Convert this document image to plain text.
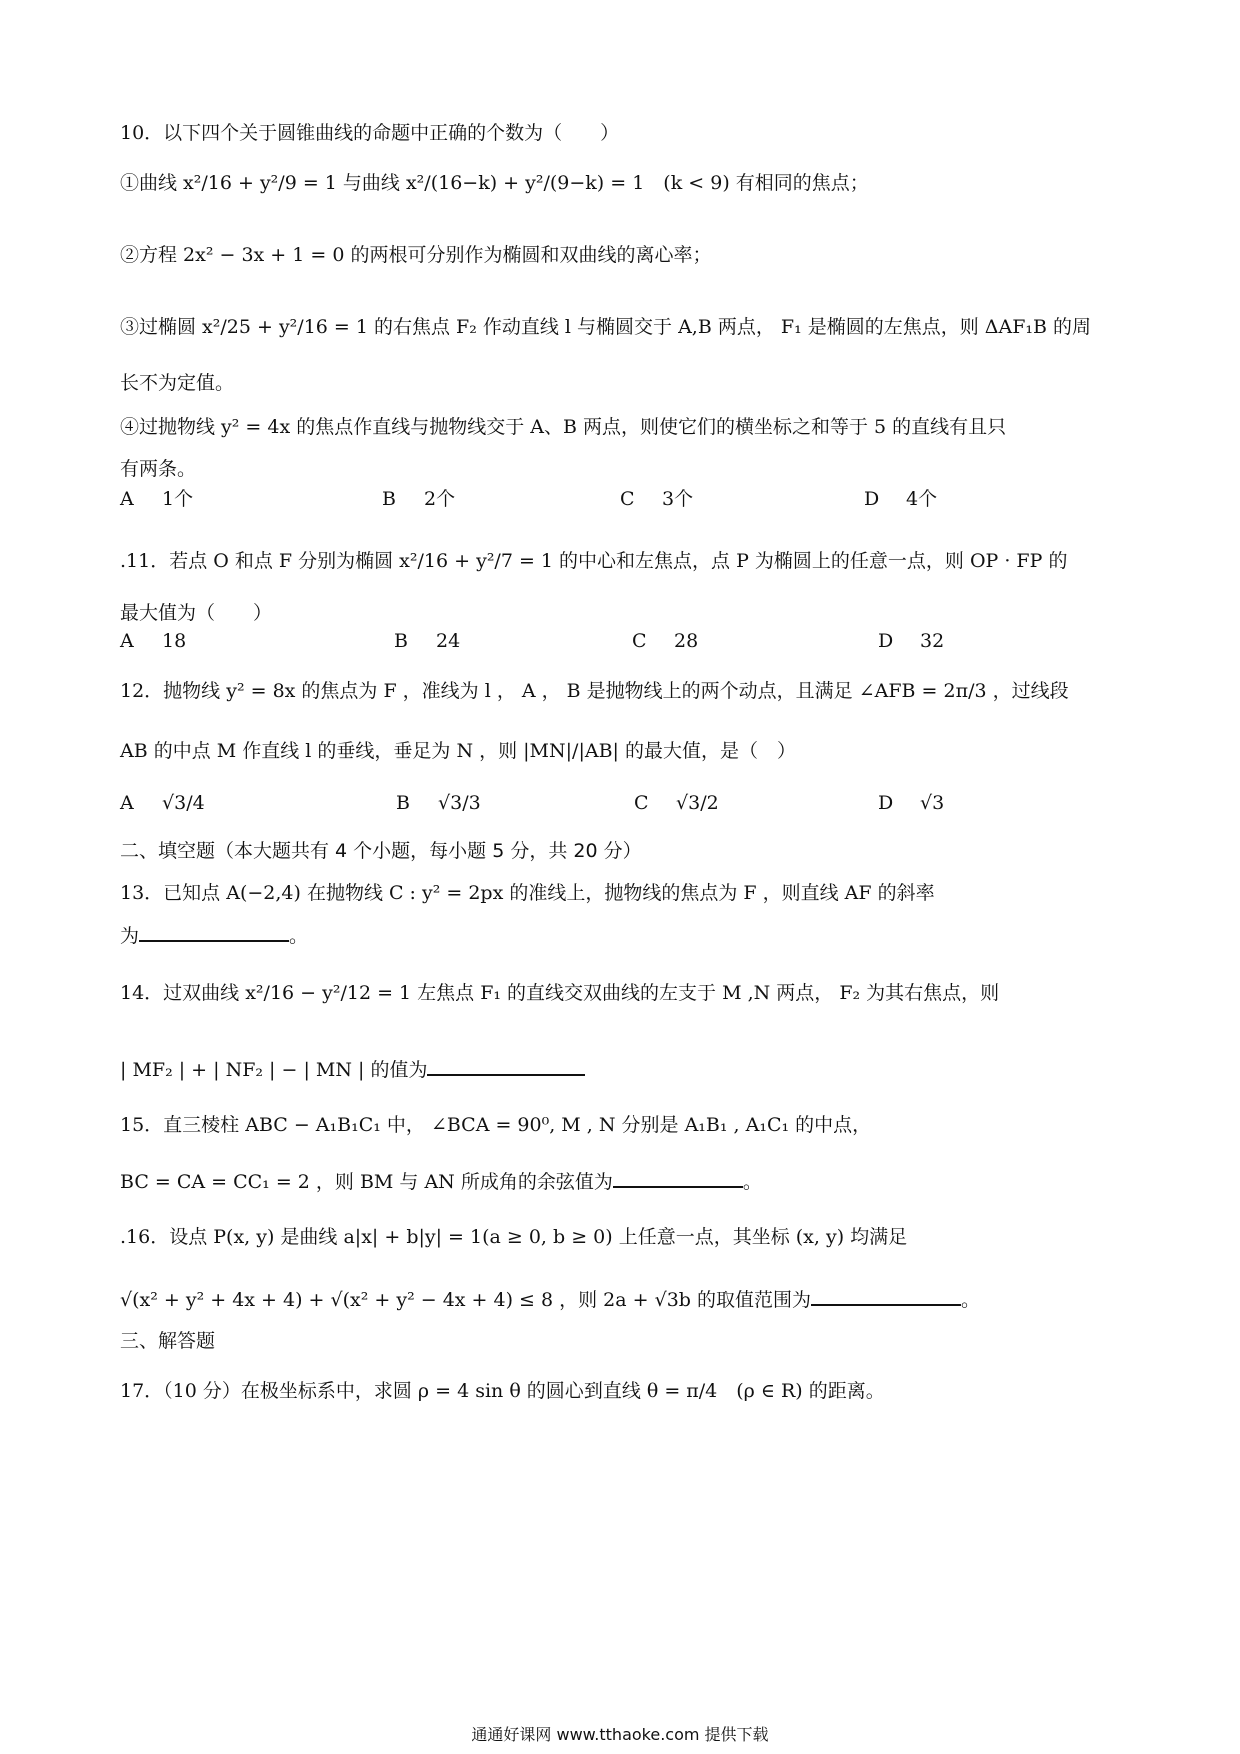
10．以下四个关于圆锥曲线的命题中正确的个数为（　　）
①曲线 x²/16 + y²/9 = 1 与曲线 x²/(16−k) + y²/(9−k) = 1　(k < 9) 有相同的焦点；
②方程 2x² − 3x + 1 = 0 的两根可分别作为椭圆和双曲线的离心率；
③过椭圆 x²/25 + y²/16 = 1 的右焦点 F₂ 作动直线 l 与椭圆交于 A,B 两点， F₁ 是椭圆的左焦点，则 ΔAF₁B 的周
长不为定值。
④过抛物线 y² = 4x 的焦点作直线与抛物线交于 A、B 两点，则使它们的横坐标之和等于 5 的直线有且只
有两条。
A 1个	B 2个	C 3个	D 4个
.11．若点 O 和点 F 分别为椭圆 x²/16 + y²/7 = 1 的中心和左焦点，点 P 为椭圆上的任意一点，则 OP · FP 的
最大值为（　　）
A 18	B 24	C 28	D 32
12．抛物线 y² = 8x 的焦点为 F ，准线为 l ， A ， B 是抛物线上的两个动点，且满足 ∠AFB = 2π/3 ，过线段
AB 的中点 M 作直线 l 的垂线，垂足为 N ，则 |MN|/|AB| 的最大值，是（　）
A √3/4	B √3/3	C √3/2	D √3
二、填空题（本大题共有 4 个小题，每小题 5 分，共 20 分）
13．已知点 A(−2,4) 在抛物线 C : y² = 2px 的准线上，抛物线的焦点为 F ，则直线 AF 的斜率
为	。
14．过双曲线 x²/16 − y²/12 = 1 左焦点 F₁ 的直线交双曲线的左支于 M ,N 两点， F₂ 为其右焦点，则
| MF₂ | + | NF₂ | − | MN | 的值为
15．直三棱柱 ABC − A₁B₁C₁ 中， ∠BCA = 90⁰, M , N 分别是 A₁B₁ , A₁C₁ 的中点，
BC = CA = CC₁ = 2 ，则 BM 与 AN 所成角的余弦值为	。
.16．设点 P(x, y) 是曲线 a|x| + b|y| = 1(a ≥ 0, b ≥ 0) 上任意一点，其坐标 (x, y) 均满足
√(x² + y² + 4x + 4) + √(x² + y² − 4x + 4) ≤ 8 ，则 2a + √3b 的取值范围为	。
三、解答题
17．（10 分）在极坐标系中，求圆 ρ = 4 sin θ 的圆心到直线 θ = π/4　(ρ ∈ R) 的距离。
通通好课网 www.tthaoke.com 提供下载
